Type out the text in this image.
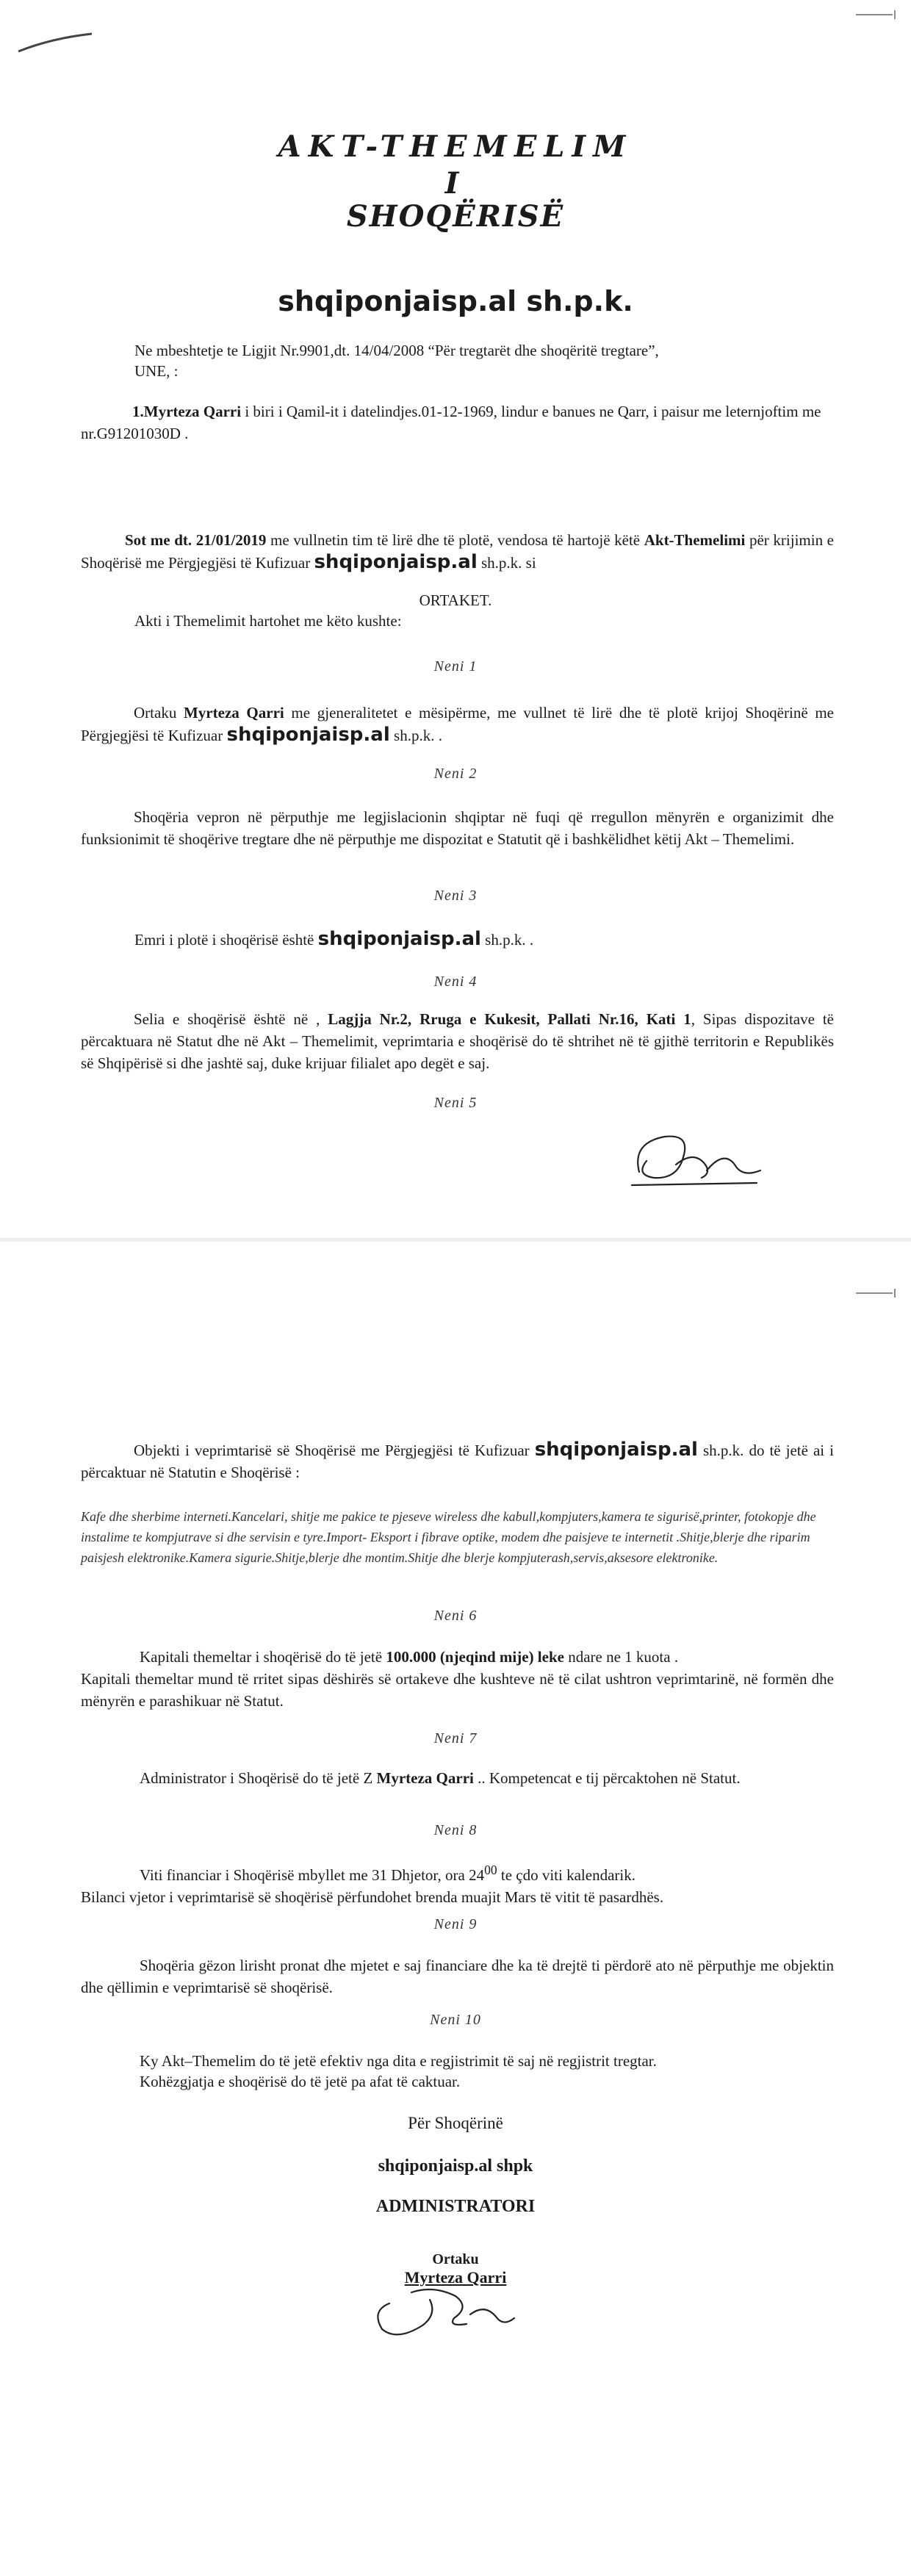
AKT-THEMELIM
I
SHOQËRISË
shqiponjaisp.al sh.p.k.
Ne mbeshtetje te Ligjit Nr.9901,dt. 14/04/2008 “Për tregtarët dhe shoqëritë tregtare”,
UNE, :
1.Myrteza Qarri i biri i Qamil-it i datelindjes.01-12-1969, lindur e banues ne Qarr, i paisur me leternjoftim me nr.G91201030D .
Sot me dt. 21/01/2019 me vullnetin tim të lirë dhe të plotë, vendosa të hartojë këtë Akt-Themelimi për krijimin e Shoqërisë me Përgjegjësi të Kufizuar shqiponjaisp.al sh.p.k. si
ORTAKET.
Akti i Themelimit hartohet me këto kushte:
Neni 1
Ortaku Myrteza Qarri me gjeneralitetet e mësipërme, me vullnet të lirë dhe të plotë krijoj Shoqërinë me Përgjegjësi të Kufizuar shqiponjaisp.al sh.p.k. .
Neni 2
Shoqëria vepron në përputhje me legjislacionin shqiptar në fuqi që rregullon mënyrën e organizimit dhe funksionimit të shoqërive tregtare dhe në përputhje me dispozitat e Statutit që i bashkëlidhet këtij Akt – Themelimi.
Neni 3
Emri i plotë i shoqërisë është shqiponjaisp.al sh.p.k. .
Neni 4
Selia e shoqërisë është në , Lagjja Nr.2, Rruga e Kukesit, Pallati Nr.16, Kati 1, Sipas dispozitave të përcaktuara në Statut dhe në Akt – Themelimit, veprimtaria e shoqërisë do të shtrihet në të gjithë territorin e Republikës së Shqipërisë si dhe jashtë saj, duke krijuar filialet apo degët e saj.
Neni 5
Objekti i veprimtarisë së Shoqërisë me Përgjegjësi të Kufizuar shqiponjaisp.al sh.p.k. do të jetë ai i përcaktuar në Statutin e Shoqërisë :
Kafe dhe sherbime interneti.Kancelari, shitje me pakice te pjeseve wireless dhe kabull,kompjuters,kamera te sigurisë,printer, fotokopje dhe instalime te kompjutrave si dhe servisin e tyre.Import- Eksport i fibrave optike, modem dhe paisjeve te internetit .Shitje,blerje dhe riparim paisjesh elektronike.Kamera sigurie.Shitje,blerje dhe montim.Shitje dhe blerje kompjuterash,servis,aksesore elektronike.
Neni 6
Kapitali themeltar i shoqërisë do të jetë 100.000 (njeqind mije) leke ndare ne 1 kuota .
Kapitali themeltar mund të rritet sipas dëshirës së ortakeve dhe kushteve në të cilat ushtron veprimtarinë, në formën dhe mënyrën e parashikuar në Statut.
Neni 7
Administrator i Shoqërisë do të jetë Z Myrteza Qarri .. Kompetencat e tij përcaktohen në Statut.
Neni 8
Viti financiar i Shoqërisë mbyllet me 31 Dhjetor, ora $24^{00}$ te çdo viti kalendarik.
Bilanci vjetor i veprimtarisë së shoqërisë përfundohet brenda muajit Mars të vitit të pasardhës.
Neni 9
Shoqëria gëzon lirisht pronat dhe mjetet e saj financiare dhe ka të drejtë ti përdorë ato në përputhje me objektin dhe qëllimin e veprimtarisë së shoqërisë.
Neni 10
Ky Akt–Themelim do të jetë efektiv nga dita e regjistrimit të saj në regjistrit tregtar.
Kohëzgjatja e shoqërisë do të jetë pa afat të caktuar.
Për Shoqërinë
shqiponjaisp.al shpk
ADMINISTRATORI
Ortaku
Myrteza Qarri
